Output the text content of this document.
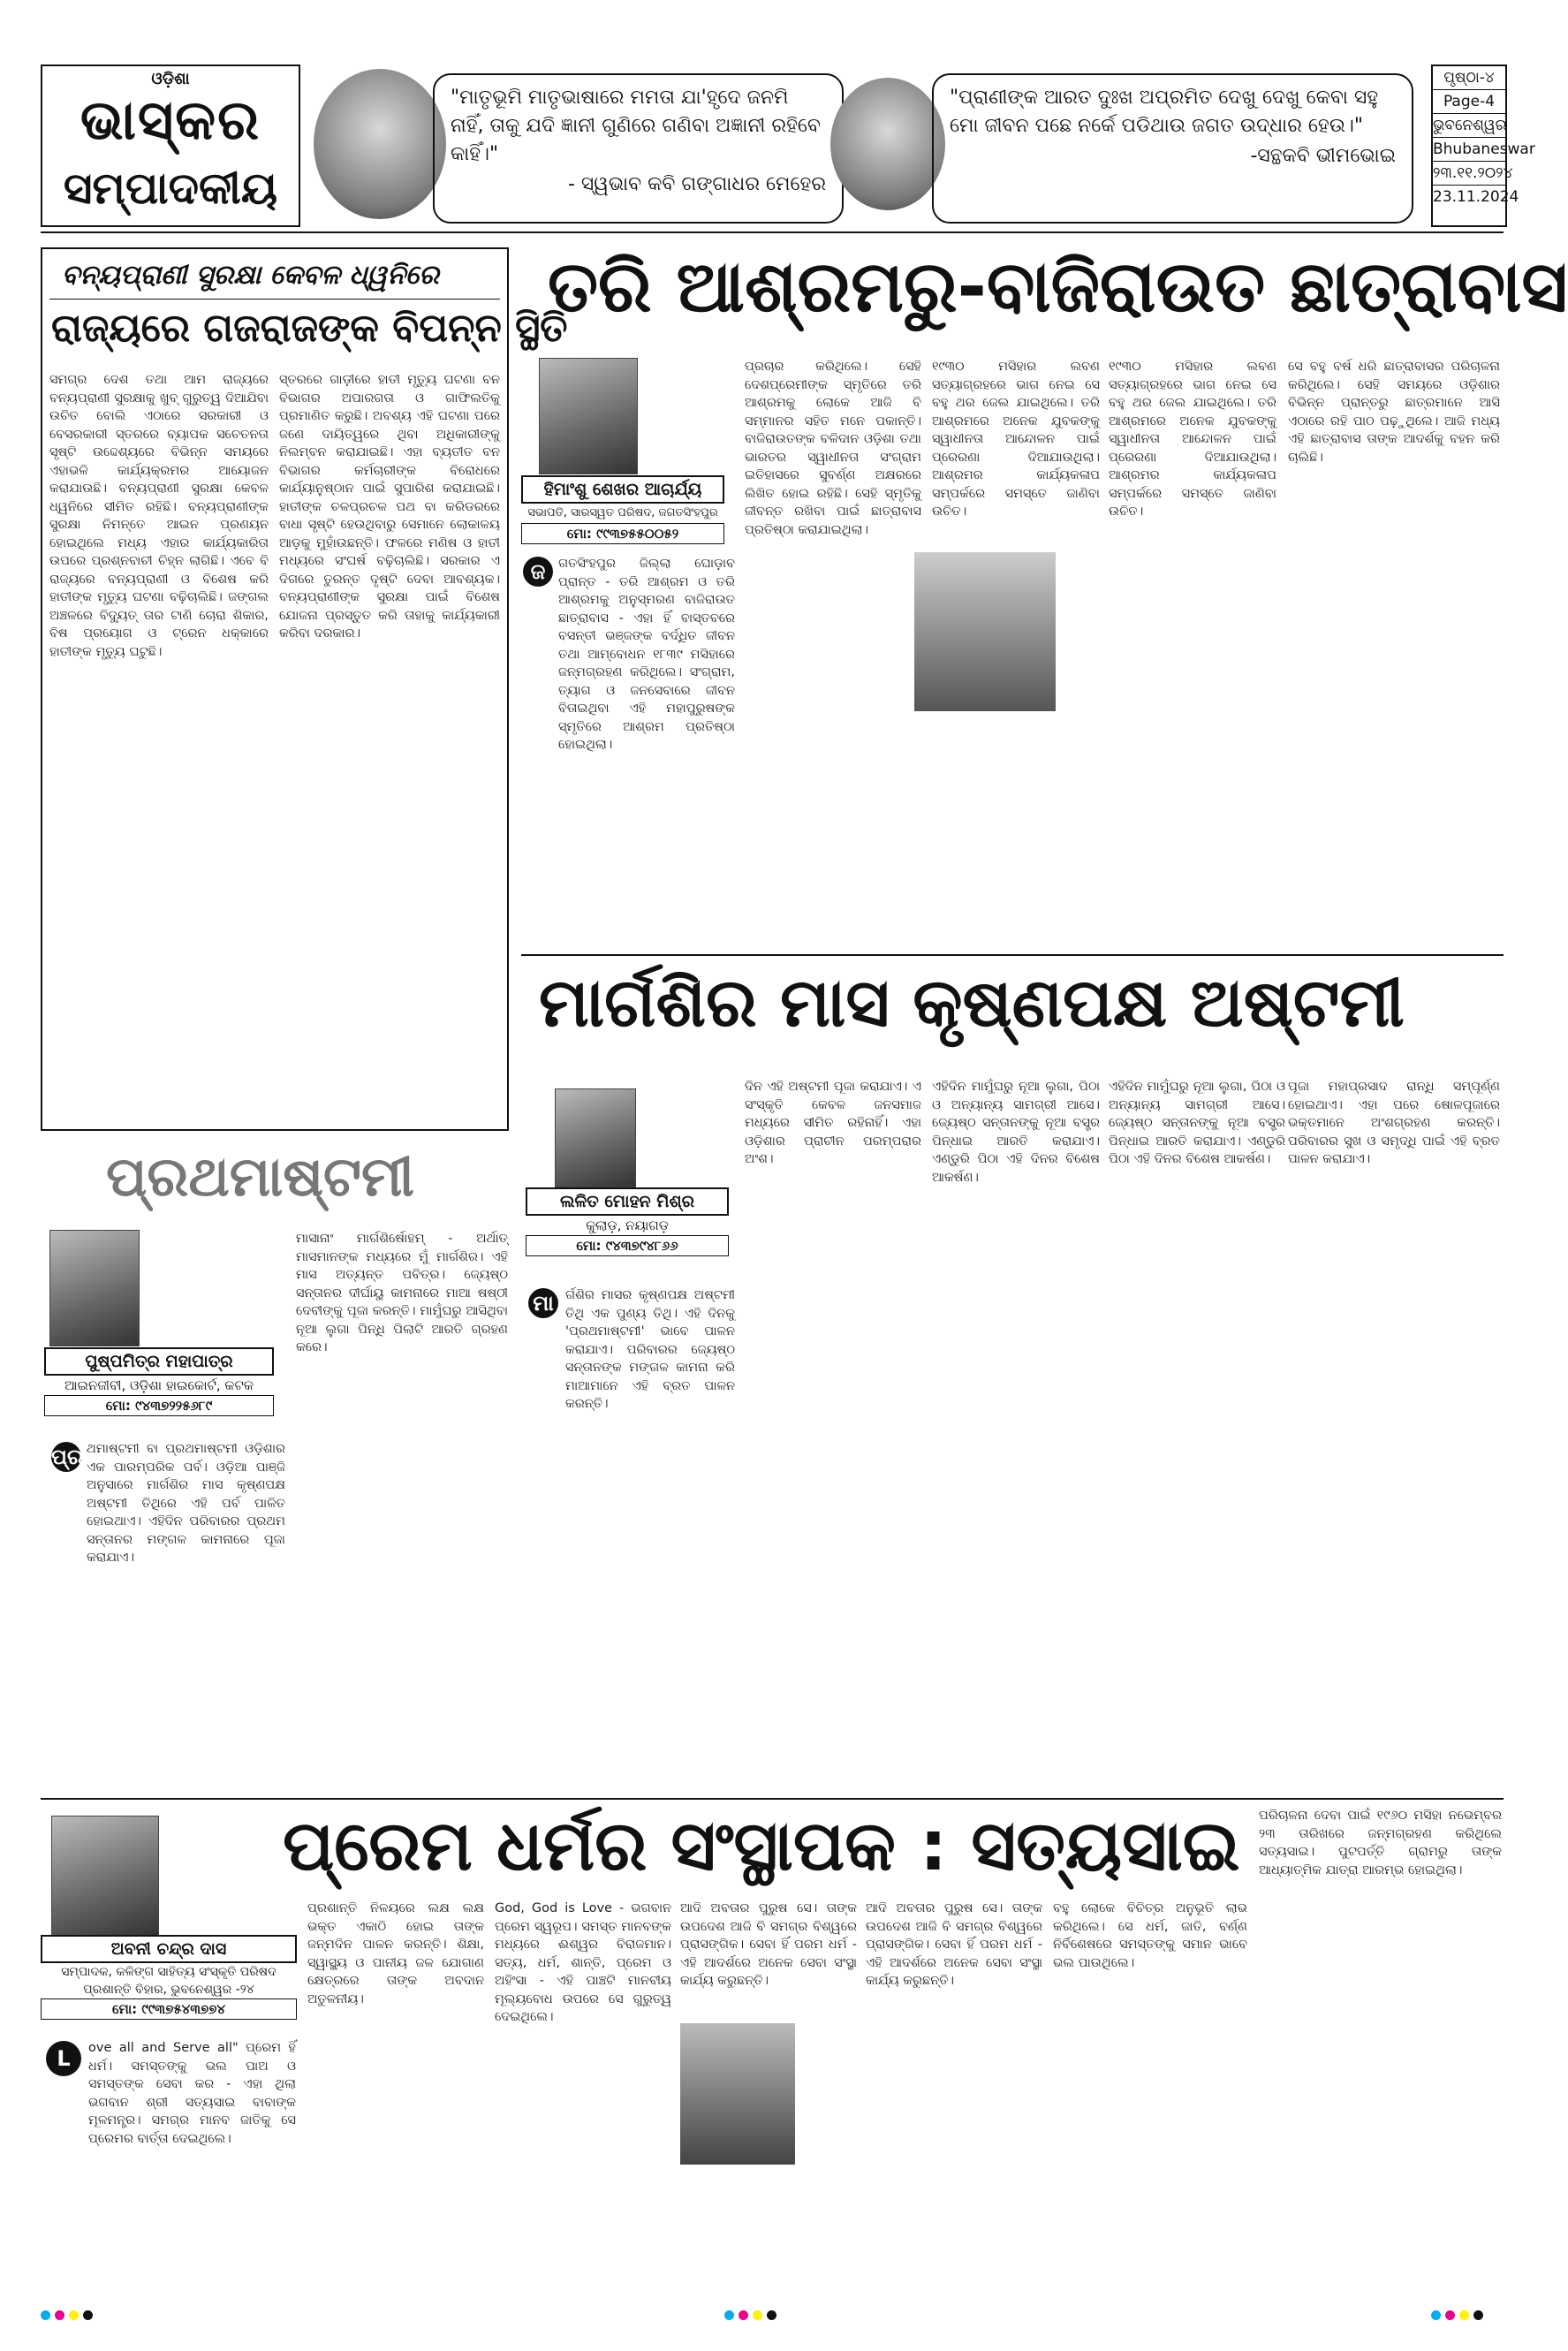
ଓଡ଼ିଶା
ଭାସ୍କର
ସମ୍ପାଦକୀୟ
"ମାତୃଭୂମି ମାତୃଭାଷାରେ ମମତା ଯା'ହୃଦେ ଜନମି ନାହିଁ, ତାକୁ ଯଦି ଜ୍ଞାନୀ ଗୁଣିରେ ଗଣିବା ଅଜ୍ଞାନୀ ରହିବେ କାହିଁ।"
- ସ୍ୱଭାବ କବି ଗଙ୍ଗାଧର ମେହେର
"ପ୍ରାଣୀଙ୍କ ଆରତ ଦୁଃଖ ଅପ୍ରମିତ ଦେଖୁ ଦେଖୁ କେବା ସହୁ ମୋ ଜୀବନ ପଛେ ନର୍କେ ପଡିଥାଉ ଜଗତ ଉଦ୍ଧାର ହେଉ।"
-ସନ୍ଥକବି ଭୀମଭୋଇ
ପୃଷ୍ଠା-୪
Page-4
ଭୁବନେଶ୍ୱର
Bhubaneswar
୨୩.୧୧.୨୦୨୪
23.11.2024
ବନ୍ୟପ୍ରାଣୀ ସୁରକ୍ଷା କେବଳ ଧ୍ୱନିରେ
ରାଜ୍ୟରେ ଗଜରାଜଙ୍କ ବିପନ୍ନ ସ୍ଥିତି
ସମଗ୍ର ଦେଶ ତଥା ଆମ ରାଜ୍ୟରେ ବନ୍ୟପ୍ରାଣୀ ସୁରକ୍ଷାକୁ ଖୁବ୍ ଗୁରୁତ୍ୱ ଦିଆଯିବା ଉଚିତ ବୋଲି ଏଠାରେ ସରକାରୀ ଓ ବେସରକାରୀ ସ୍ତରରେ ବ୍ୟାପକ ସଚେତନତା ସୃଷ୍ଟି ଉଦ୍ଦେଶ୍ୟରେ ବିଭିନ୍ନ ସମୟରେ ଏହାଭଳି କାର୍ଯ୍ୟକ୍ରମର ଆୟୋଜନ କରାଯାଉଛି। ବନ୍ୟପ୍ରାଣୀ ସୁରକ୍ଷା କେବଳ ଧ୍ୱନିରେ ସୀମିତ ରହିଛି। ବନ୍ୟପ୍ରାଣୀଙ୍କ ସୁରକ୍ଷା ନିମନ୍ତେ ଆଇନ ପ୍ରଣୟନ ହୋଇଥିଲେ ମଧ୍ୟ ଏହାର କାର୍ଯ୍ୟକାରିତା ଉପରେ ପ୍ରଶ୍ନବାଚୀ ଚିହ୍ନ ଲାଗିଛି। ଏବେ ବି ରାଜ୍ୟରେ ବନ୍ୟପ୍ରାଣୀ ଓ ବିଶେଷ କରି ହାତୀଙ୍କ ମୃତ୍ୟୁ ଘଟଣା ବଢ଼ିଚାଲିଛି। ଜଙ୍ଗଲ ଅଞ୍ଚଳରେ ବିଦ୍ୟୁତ୍ ତାର ଟାଣି ଚୋରା ଶିକାର, ବିଷ ପ୍ରୟୋଗ ଓ ଟ୍ରେନ ଧକ୍କାରେ ହାତୀଙ୍କ ମୃତ୍ୟୁ ଘଟୁଛି।
ସ୍ତରରେ ଗାଡ଼ୀରେ ହାତୀ ମୃତ୍ୟୁ ଘଟଣା ବନ ବିଭାଗର ଅପାରଗତା ଓ ଗାଫିଲତିକୁ ପ୍ରମାଣିତ କରୁଛି। ଅବଶ୍ୟ ଏହି ଘଟଣା ପରେ ଜଣେ ଦାୟିତ୍ୱରେ ଥିବା ଅଧିକାରୀଙ୍କୁ ନିଲମ୍ବନ କରାଯାଇଛି। ଏହା ବ୍ୟତୀତ ବନ ବିଭାଗର କର୍ମଚାରୀଙ୍କ ବିରୋଧରେ କାର୍ଯ୍ୟାନୁଷ୍ଠାନ ପାଇଁ ସୁପାରିଶ କରାଯାଇଛି। ହାତୀଙ୍କ ଚଳପ୍ରଚଳ ପଥ ବା କରିଡରରେ ବାଧା ସୃଷ୍ଟି ହେଉଥିବାରୁ ସେମାନେ ଲୋକାଳୟ ଆଡ଼କୁ ମୁହାଁଉଛନ୍ତି। ଫଳରେ ମଣିଷ ଓ ହାତୀ ମଧ୍ୟରେ ସଂଘର୍ଷ ବଢ଼ିଚାଲିଛି। ସରକାର ଏ ଦିଗରେ ତୁରନ୍ତ ଦୃଷ୍ଟି ଦେବା ଆବଶ୍ୟକ। ବନ୍ୟପ୍ରାଣୀଙ୍କ ସୁରକ୍ଷା ପାଇଁ ବିଶେଷ ଯୋଜନା ପ୍ରସ୍ତୁତ କରି ତାହାକୁ କାର୍ଯ୍ୟକାରୀ କରିବା ଦରକାର।
ପ୍ରଥମାଷ୍ଟମୀ
ପୁଷ୍ପମିତ୍ର ମହାପାତ୍ର
ଆଇନଜୀବୀ, ଓଡ଼ିଶା ହାଇକୋର୍ଟ, କଟକ
ମୋ: ୯୪୩୭୨୨୫୬୮୯
ପ୍ର ଥମାଷ୍ଟମୀ ବା ପ୍ରଥମାଷ୍ଟମୀ ଓଡ଼ିଶାର ଏକ ପାରମ୍ପରିକ ପର୍ବ। ଓଡ଼ିଆ ପାଞ୍ଜି ଅନୁସାରେ ମାର୍ଗଶିର ମାସ କୃଷ୍ଣପକ୍ଷ ଅଷ୍ଟମୀ ତିଥିରେ ଏହି ପର୍ବ ପାଳିତ ହୋଇଥାଏ। ଏହିଦିନ ପରିବାରର ପ୍ରଥମ ସନ୍ତାନର ମଙ୍ଗଳ କାମନାରେ ପୂଜା କରାଯାଏ।
ମାସାନାଂ ମାର୍ଗଶିର୍ଷୋହମ୍ - ଅର୍ଥାତ୍ ମାସମାନଙ୍କ ମଧ୍ୟରେ ମୁଁ ମାର୍ଗଶିର। ଏହି ମାସ ଅତ୍ୟନ୍ତ ପବିତ୍ର। ଜ୍ୟେଷ୍ଠ ସନ୍ତାନର ଦୀର୍ଘାୟୁ କାମନାରେ ମାଆ ଷଷ୍ଠୀ ଦେବୀଙ୍କୁ ପୂଜା କରନ୍ତି। ମାମୁଁଘରୁ ଆସିଥିବା ନୂଆ ଲୁଗା ପିନ୍ଧି ପିଲାଟି ଆରତି ଗ୍ରହଣ କରେ।
ତରି ଆଶ୍ରମରୁ-ବାଜିରାଉତ ଛାତ୍ରାବାସ
ହିମାଂଶୁ ଶେଖର ଆଚାର୍ଯ୍ୟ
ସଭାପତି, ସାରସ୍ୱତ ପରିଷଦ, ଜଗତସିଂହପୁର
ମୋ: ୯୯୩୭୫୫୦୦୫୨
ଜ	ଗତସିଂହପୁର ଜିଲ୍ଲା ଘୋଡ଼ାବ ପ୍ରାନ୍ତ - ତରି ଆଶ୍ରମ ଓ ତରି ଆଶ୍ରମକୁ ଅନୁସ୍ମରଣ ବାଜିରାଉତ ଛାତ୍ରାବାସ - ଏହା ହିଁ ବାସ୍ତବରେ ବସନ୍ତୀ ଭଞ୍ଜଙ୍କ ବର୍ଦ୍ଧିତ ଜୀବନ ତଥା ଆମ୍ବୋଧନ ୧୮୩୯ ମସିହାରେ ଜନ୍ମଗ୍ରହଣ କରିଥିଲେ। ସଂଗ୍ରାମ, ତ୍ୟାଗ ଓ ଜନସେବାରେ ଜୀବନ ବିତାଇଥିବା ଏହି ମହାପୁରୁଷଙ୍କ ସ୍ମୃତିରେ ଆଶ୍ରମ ପ୍ରତିଷ୍ଠା ହୋଇଥିଲା।
ପ୍ରଚାର କରିଥିଲେ। ସେହି ଦେଶପ୍ରେମୀଙ୍କ ସ୍ମୃତିରେ ତରି ଆଶ୍ରମକୁ ଲୋକେ ଆଜି ବି ସମ୍ମାନର ସହିତ ମନେ ପକାନ୍ତି। ବାଜିରାଉତଙ୍କ ବଳିଦାନ ଓଡ଼ିଶା ତଥା ଭାରତର ସ୍ୱାଧୀନତା ସଂଗ୍ରାମ ଇତିହାସରେ ସୁବର୍ଣ୍ଣ ଅକ୍ଷରରେ ଲିଖିତ ହୋଇ ରହିଛି। ସେହି ସ୍ମୃତିକୁ ଜୀବନ୍ତ ରଖିବା ପାଇଁ ଛାତ୍ରାବାସ ପ୍ରତିଷ୍ଠା କରାଯାଇଥିଲା।
୧୯୩୦ ମସିହାର ଲବଣ ସତ୍ୟାଗ୍ରହରେ ଭାଗ ନେଇ ସେ ବହୁ ଥର ଜେଲ ଯାଇଥିଲେ। ତରି ଆଶ୍ରମରେ ଅନେକ ଯୁବକଙ୍କୁ ସ୍ୱାଧୀନତା ଆନ୍ଦୋଳନ ପାଇଁ ପ୍ରେରଣା ଦିଆଯାଉଥିଲା। ଆଶ୍ରମର କାର୍ଯ୍ୟକଳାପ ସମ୍ପର୍କରେ ସମସ୍ତେ ଜାଣିବା ଉଚିତ।
୧୯୩୦ ମସିହାର ଲବଣ ସତ୍ୟାଗ୍ରହରେ ଭାଗ ନେଇ ସେ ବହୁ ଥର ଜେଲ ଯାଇଥିଲେ। ତରି ଆଶ୍ରମରେ ଅନେକ ଯୁବକଙ୍କୁ ସ୍ୱାଧୀନତା ଆନ୍ଦୋଳନ ପାଇଁ ପ୍ରେରଣା ଦିଆଯାଉଥିଲା। ଆଶ୍ରମର କାର୍ଯ୍ୟକଳାପ ସମ୍ପର୍କରେ ସମସ୍ତେ ଜାଣିବା ଉଚିତ।
ସେ ବହୁ ବର୍ଷ ଧରି ଛାତ୍ରାବାସର ପରିଚାଳନା କରିଥିଲେ। ସେହି ସମୟରେ ଓଡ଼ିଶାର ବିଭିନ୍ନ ପ୍ରାନ୍ତରୁ ଛାତ୍ରମାନେ ଆସି ଏଠାରେ ରହି ପାଠ ପଢ଼ୁଥିଲେ। ଆଜି ମଧ୍ୟ ଏହି ଛାତ୍ରାବାସ ତାଙ୍କ ଆଦର୍ଶକୁ ବହନ କରି ଚାଲିଛି।
ମାର୍ଗଶିର ମାସ କୃଷ୍ଣପକ୍ଷ ଅଷ୍ଟମୀ
ଲଳିତ ମୋହନ ମିଶ୍ର
କୁଲାଡ଼, ନୟାଗଡ଼
ମୋ: ୯୪୩୭୯୪୮୬୬
ମା ର୍ଗଶିର ମାସର କୃଷ୍ଣପକ୍ଷ ଅଷ୍ଟମୀ ତିଥି ଏକ ପୁଣ୍ୟ ତିଥି। ଏହି ଦିନକୁ 'ପ୍ରଥମାଷ୍ଟମୀ' ଭାବେ ପାଳନ କରାଯାଏ। ପରିବାରର ଜ୍ୟେଷ୍ଠ ସନ୍ତାନଙ୍କ ମଙ୍ଗଳ କାମନା କରି ମାଆମାନେ ଏହି ବ୍ରତ ପାଳନ କରନ୍ତି।
ଦିନ ଏହି ଅଷ୍ଟମୀ ପୂଜା କରାଯାଏ। ଏ ସଂସ୍କୃତି କେବଳ ଜନସମାଜ ମଧ୍ୟରେ ସୀମିତ ରହିନାହିଁ। ଏହା ଓଡ଼ିଶାର ପ୍ରାଚୀନ ପରମ୍ପରାର ଅଂଶ।
ଏହିଦିନ ମାମୁଁଘରୁ ନୂଆ ଲୁଗା, ପିଠା ଓ ଅନ୍ୟାନ୍ୟ ସାମଗ୍ରୀ ଆସେ। ଜ୍ୟେଷ୍ଠ ସନ୍ତାନଙ୍କୁ ନୂଆ ବସ୍ତ୍ର ପିନ୍ଧାଇ ଆରତି କରାଯାଏ। ଏଣ୍ଡୁରି ପିଠା ଏହି ଦିନର ବିଶେଷ ଆକର୍ଷଣ।
ଏହିଦିନ ମାମୁଁଘରୁ ନୂଆ ଲୁଗା, ପିଠା ଓ ଅନ୍ୟାନ୍ୟ ସାମଗ୍ରୀ ଆସେ। ଜ୍ୟେଷ୍ଠ ସନ୍ତାନଙ୍କୁ ନୂଆ ବସ୍ତ୍ର ପିନ୍ଧାଇ ଆରତି କରାଯାଏ। ଏଣ୍ଡୁରି ପିଠା ଏହି ଦିନର ବିଶେଷ ଆକର୍ଷଣ।
ପୂଜା ମହାପ୍ରସାଦ ରାନ୍ଧି ସମ୍ପୂର୍ଣ୍ଣ ହୋଇଥାଏ। ଏହା ପରେ ଷୋଳପୂଜାରେ ଭକ୍ତମାନେ ଅଂଶଗ୍ରହଣ କରନ୍ତି। ପରିବାରର ସୁଖ ଓ ସମୃଦ୍ଧି ପାଇଁ ଏହି ବ୍ରତ ପାଳନ କରାଯାଏ।
ଅବନୀ ଚନ୍ଦ୍ର ଦାସ
ସମ୍ପାଦକ, କଳିଙ୍ଗ ସାହିତ୍ୟ ସଂସ୍କୃତି ପରିଷଦ ପ୍ରଶାନ୍ତି ବିହାର, ଭୁବନେଶ୍ୱର -୨୪
ମୋ: ୯୯୩୭୫୪୩୭୭୪
ପ୍ରେମ ଧର୍ମର ସଂସ୍ଥାପକ : ସତ୍ୟସାଇ
L	ove all and Serve all" ପ୍ରେମ ହିଁ ଧର୍ମ। ସମସ୍ତଙ୍କୁ ଭଲ ପାଅ ଓ ସମସ୍ତଙ୍କ ସେବା କର - ଏହା ଥିଲା ଭଗବାନ ଶ୍ରୀ ସତ୍ୟସାଇ ବାବାଙ୍କ ମୂଳମନ୍ତ୍ର। ସମଗ୍ର ମାନବ ଜାତିକୁ ସେ ପ୍ରେମର ବାର୍ତ୍ତା ଦେଇଥିଲେ।
ପ୍ରଶାନ୍ତି ନିଳୟରେ ଲକ୍ଷ ଲକ୍ଷ ଭକ୍ତ ଏକାଠି ହୋଇ ତାଙ୍କ ଜନ୍ମଦିନ ପାଳନ କରନ୍ତି। ଶିକ୍ଷା, ସ୍ୱାସ୍ଥ୍ୟ ଓ ପାନୀୟ ଜଳ ଯୋଗାଣ କ୍ଷେତ୍ରରେ ତାଙ୍କ ଅବଦାନ ଅତୁଳନୀୟ।
God, God is Love - ଭଗବାନ ପ୍ରେମ ସ୍ୱରୂପ। ସମସ୍ତ ମାନବଙ୍କ ମଧ୍ୟରେ ଈଶ୍ୱର ବିରାଜମାନ। ସତ୍ୟ, ଧର୍ମ, ଶାନ୍ତି, ପ୍ରେମ ଓ ଅହିଂସା - ଏହି ପାଞ୍ଚଟି ମାନବୀୟ ମୂଲ୍ୟବୋଧ ଉପରେ ସେ ଗୁରୁତ୍ୱ ଦେଇଥିଲେ।
ଆଦି ଅବତାର ପୁରୁଷ ସେ। ତାଙ୍କ ଉପଦେଶ ଆଜି ବି ସମଗ୍ର ବିଶ୍ୱରେ ପ୍ରାସଙ୍ଗିକ। ସେବା ହିଁ ପରମ ଧର୍ମ - ଏହି ଆଦର୍ଶରେ ଅନେକ ସେବା ସଂସ୍ଥା କାର୍ଯ୍ୟ କରୁଛନ୍ତି।
ଆଦି ଅବତାର ପୁରୁଷ ସେ। ତାଙ୍କ ଉପଦେଶ ଆଜି ବି ସମଗ୍ର ବିଶ୍ୱରେ ପ୍ରାସଙ୍ଗିକ। ସେବା ହିଁ ପରମ ଧର୍ମ - ଏହି ଆଦର୍ଶରେ ଅନେକ ସେବା ସଂସ୍ଥା କାର୍ଯ୍ୟ କରୁଛନ୍ତି।
ବହୁ ଲୋକେ ବିଚିତ୍ର ଅନୁଭୂତି ଲାଭ କରିଥିଲେ। ସେ ଧର୍ମ, ଜାତି, ବର୍ଣ୍ଣ ନିର୍ବିଶେଷରେ ସମସ୍ତଙ୍କୁ ସମାନ ଭାବେ ଭଲ ପାଉଥିଲେ।
ପରିଚାଳନା ଦେବା ପାଇଁ ୧୯୬୦ ମସିହା ନଭେମ୍ବର ୨୩ ତାରିଖରେ ଜନ୍ମଗ୍ରହଣ କରିଥିଲେ ସତ୍ୟସାଇ। ପୁଟପର୍ତ୍ତି ଗ୍ରାମରୁ ତାଙ୍କ ଆଧ୍ୟାତ୍ମିକ ଯାତ୍ରା ଆରମ୍ଭ ହୋଇଥିଲା।
